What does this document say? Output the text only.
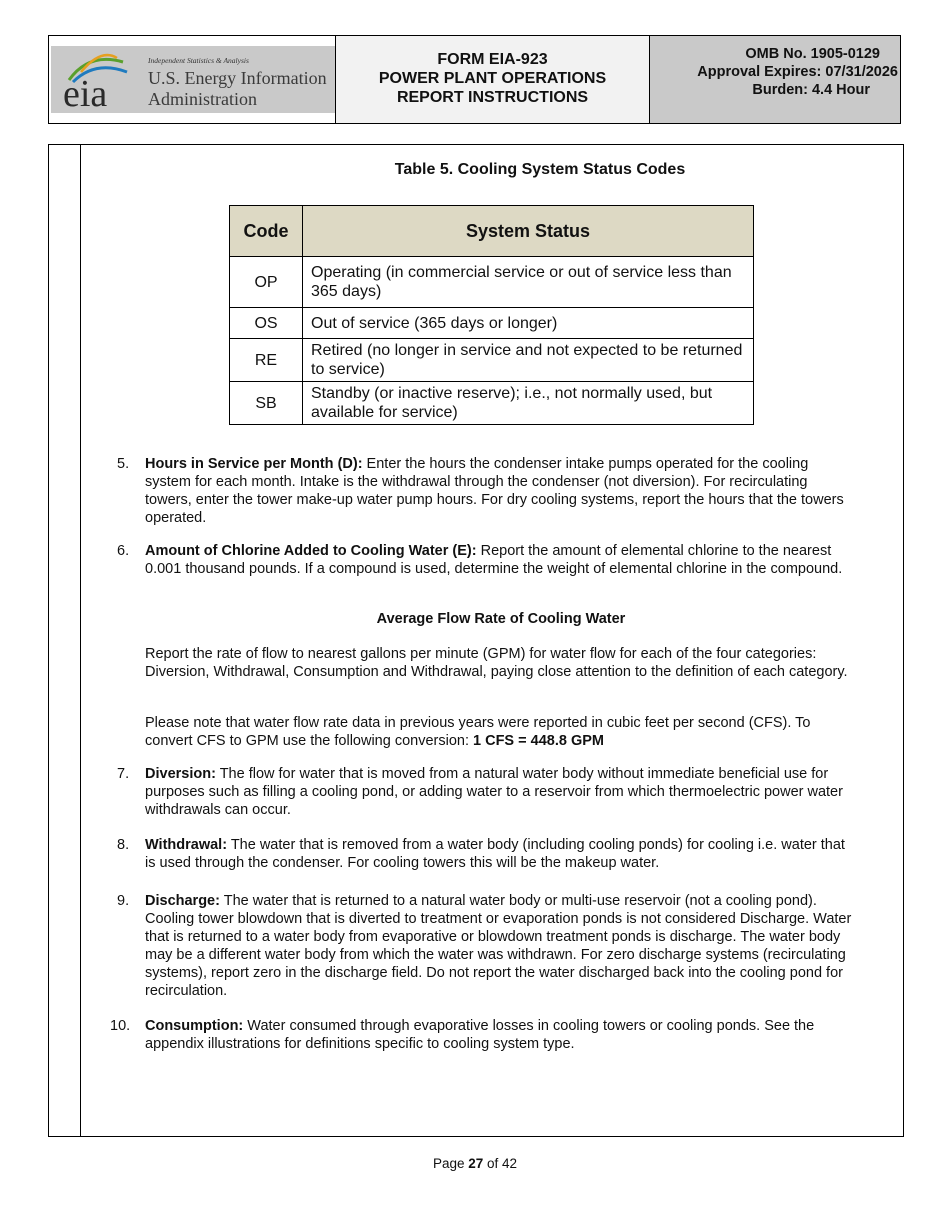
eia
Independent Statistics & Analysis
U.S. Energy Information
Administration
FORM EIA-923
POWER PLANT OPERATIONS
REPORT INSTRUCTIONS
OMB No. 1905-0129
Approval Expires: 07/31/2026
Burden: 4.4 Hour
Table 5. Cooling System Status Codes
Code	System Status
OP	Operating (in commercial service or out of service less than 365 days)
OS	Out of service (365 days or longer)
RE	Retired (no longer in service and not expected to be returned to service)
SB	Standby (or inactive reserve); i.e., not normally used, but available for service)
5. Hours in Service per Month (D): Enter the hours the condenser intake pumps operated for the cooling system for each month. Intake is the withdrawal through the condenser (not diversion). For recirculating towers, enter the tower make-up water pump hours. For dry cooling systems, report the hours that the towers operated.
6. Amount of Chlorine Added to Cooling Water (E): Report the amount of elemental chlorine to the nearest 0.001 thousand pounds. If a compound is used, determine the weight of elemental chlorine in the compound.
Average Flow Rate of Cooling Water
Report the rate of flow to nearest gallons per minute (GPM) for water flow for each of the four categories: Diversion, Withdrawal, Consumption and Withdrawal, paying close attention to the definition of each category.
Please note that water flow rate data in previous years were reported in cubic feet per second (CFS). To convert CFS to GPM use the following conversion: 1 CFS = 448.8 GPM
7. Diversion: The flow for water that is moved from a natural water body without immediate beneficial use for purposes such as filling a cooling pond, or adding water to a reservoir from which thermoelectric power water withdrawals can occur.
8. Withdrawal: The water that is removed from a water body (including cooling ponds) for cooling i.e. water that is used through the condenser. For cooling towers this will be the makeup water.
9. Discharge: The water that is returned to a natural water body or multi-use reservoir (not a cooling pond). Cooling tower blowdown that is diverted to treatment or evaporation ponds is not considered Discharge. Water that is returned to a water body from evaporative or blowdown treatment ponds is discharge. The water body may be a different water body from which the water was withdrawn. For zero discharge systems (recirculating systems), report zero in the discharge field. Do not report the water discharged back into the cooling pond for recirculation.
10. Consumption: Water consumed through evaporative losses in cooling towers or cooling ponds. See the appendix illustrations for definitions specific to cooling system type.
Page 27 of 42
